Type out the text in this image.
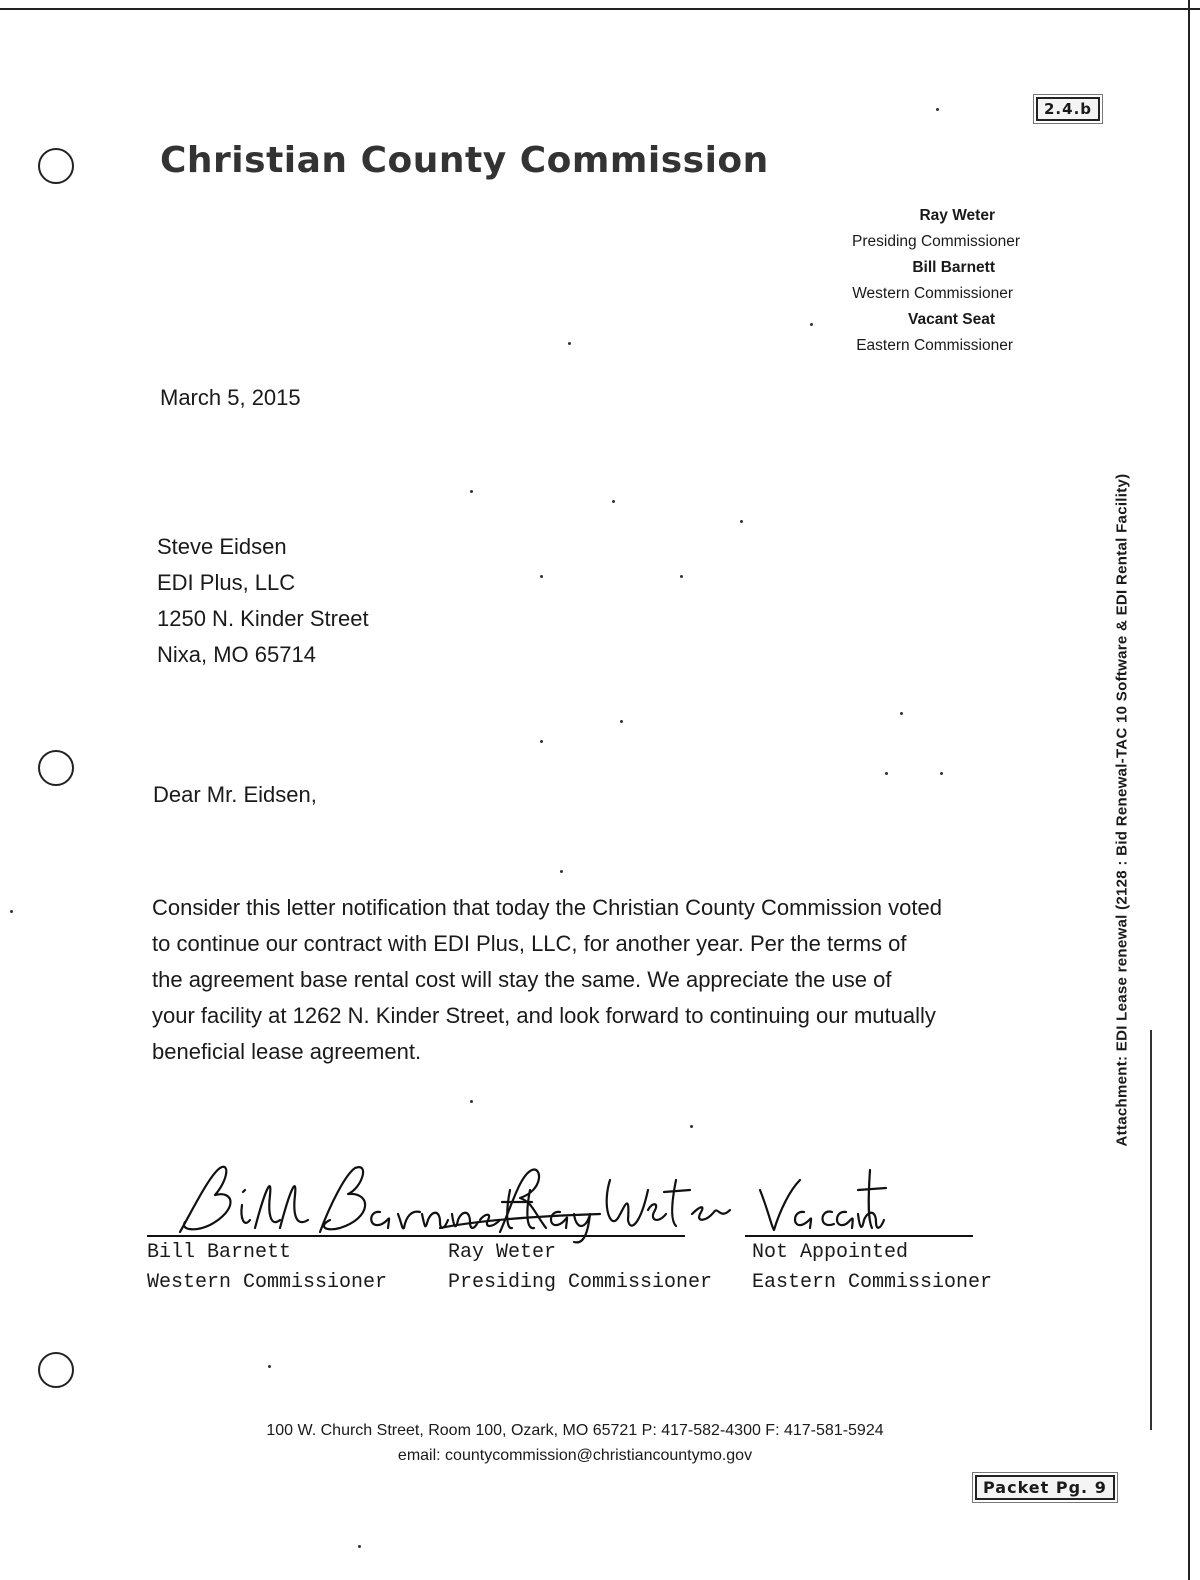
2.4.b
Christian County Commission
Ray Weter
Presiding Commissioner
Bill Barnett
Western Commissioner
Vacant Seat
Eastern Commissioner
March 5, 2015
Steve Eidsen
EDI Plus, LLC
1250 N. Kinder Street
Nixa, MO 65714
Dear Mr. Eidsen,
Consider this letter notification that today the Christian County Commission voted
to continue our contract with EDI Plus, LLC, for another year. Per the terms of
the agreement base rental cost will stay the same. We appreciate the use of
your facility at 1262 N. Kinder Street, and look forward to continuing our mutually
beneficial lease agreement.
Bill Barnett
Western Commissioner
Ray Weter
Presiding Commissioner
Not Appointed
Eastern Commissioner
100 W. Church Street, Room 100, Ozark, MO 65721 P: 417-582-4300 F: 417-581-5924
email: countycommission@christiancountymo.gov
Packet Pg. 9
Attachment: EDI Lease renewal (2128 : Bid Renewal-TAC 10 Software & EDI Rental Facility)
